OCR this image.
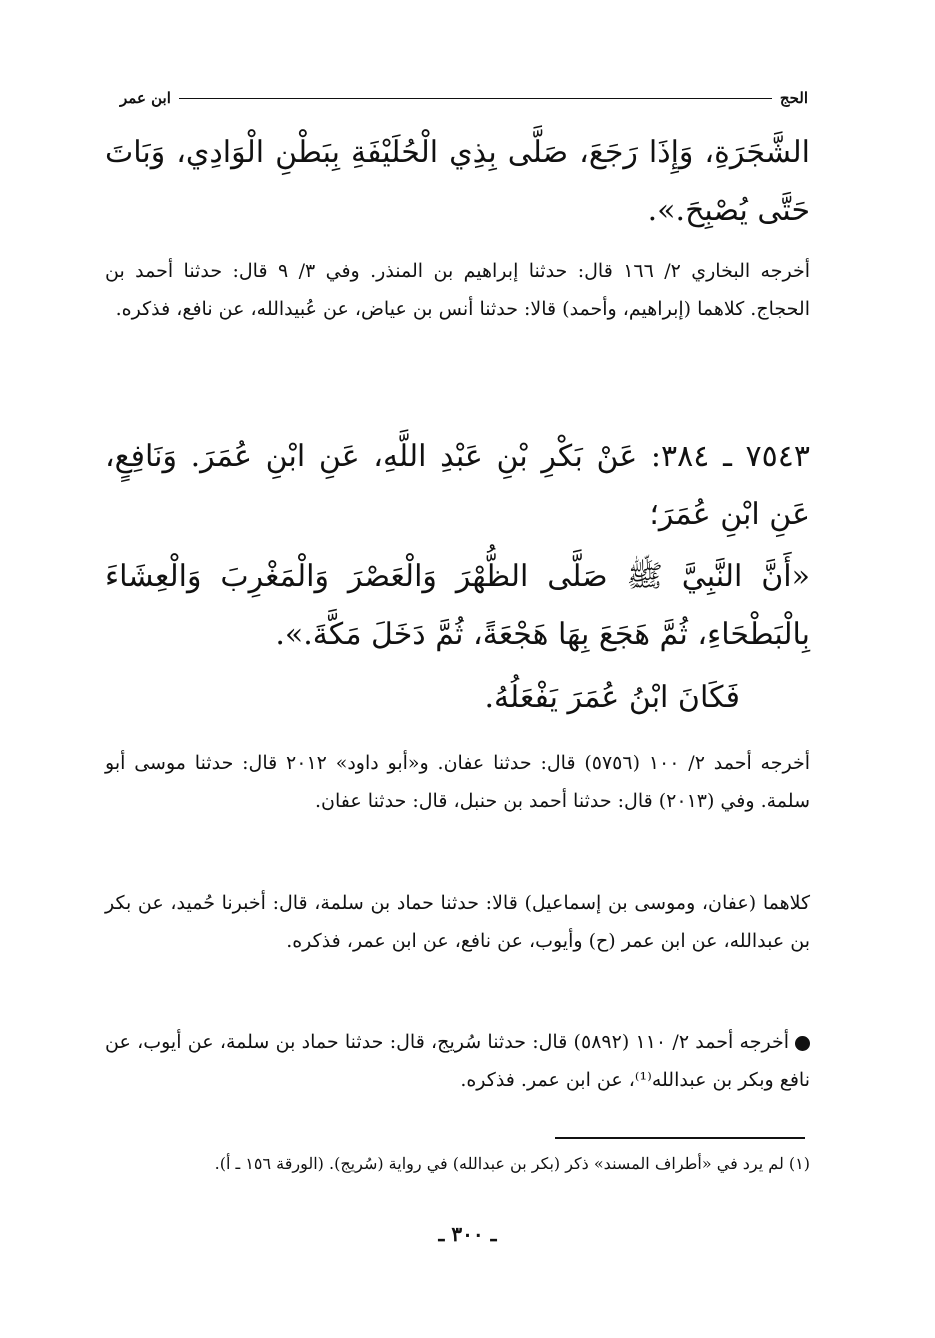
الحج
ابن عمر
الشَّجَرَةِ، وَإِذَا رَجَعَ، صَلَّى بِذِي الْحُلَيْفَةِ بِبَطْنِ الْوَادِي، وَبَاتَ حَتَّى يُصْبِحَ.».
أخرجه البخاري ٢/ ١٦٦ قال: حدثنا إبراهيم بن المنذر. وفي ٣/ ٩ قال: حدثنا أحمد بن الحجاج. كلاهما (إبراهيم، وأحمد) قالا: حدثنا أنس بن عياض، عن عُبيدالله، عن نافع، فذكره.
٧٥٤٣ ـ ٣٨٤: عَنْ بَكْرِ بْنِ عَبْدِ اللَّهِ، عَنِ ابْنِ عُمَرَ. وَنَافِعٍ، عَنِ ابْنِ عُمَرَ؛
«أَنَّ النَّبِيَّ ﷺ صَلَّى الظُّهْرَ وَالْعَصْرَ وَالْمَغْرِبَ وَالْعِشَاءَ بِالْبَطْحَاءِ، ثُمَّ هَجَعَ بِهَا هَجْعَةً، ثُمَّ دَخَلَ مَكَّةَ.».
فَكَانَ ابْنُ عُمَرَ يَفْعَلُهُ.
أخرجه أحمد ٢/ ١٠٠ (٥٧٥٦) قال: حدثنا عفان. و«أبو داود» ٢٠١٢ قال: حدثنا موسى أبو سلمة. وفي (٢٠١٣) قال: حدثنا أحمد بن حنبل، قال: حدثنا عفان.
كلاهما (عفان، وموسى بن إسماعيل) قالا: حدثنا حماد بن سلمة، قال: أخبرنا حُميد، عن بكر بن عبدالله، عن ابن عمر (ح) وأيوب، عن نافع، عن ابن عمر، فذكره.
أخرجه أحمد ٢/ ١١٠ (٥٨٩٢) قال: حدثنا سُريج، قال: حدثنا حماد بن سلمة، عن أيوب، عن نافع وبكر بن عبدالله⁽¹⁾، عن ابن عمر. فذكره.
(١) لم يرد في «أطراف المسند» ذكر (بكر بن عبدالله) في رواية (سُريج). (الورقة ١٥٦ ـ أ).
ـ ٣٠٠ ـ
